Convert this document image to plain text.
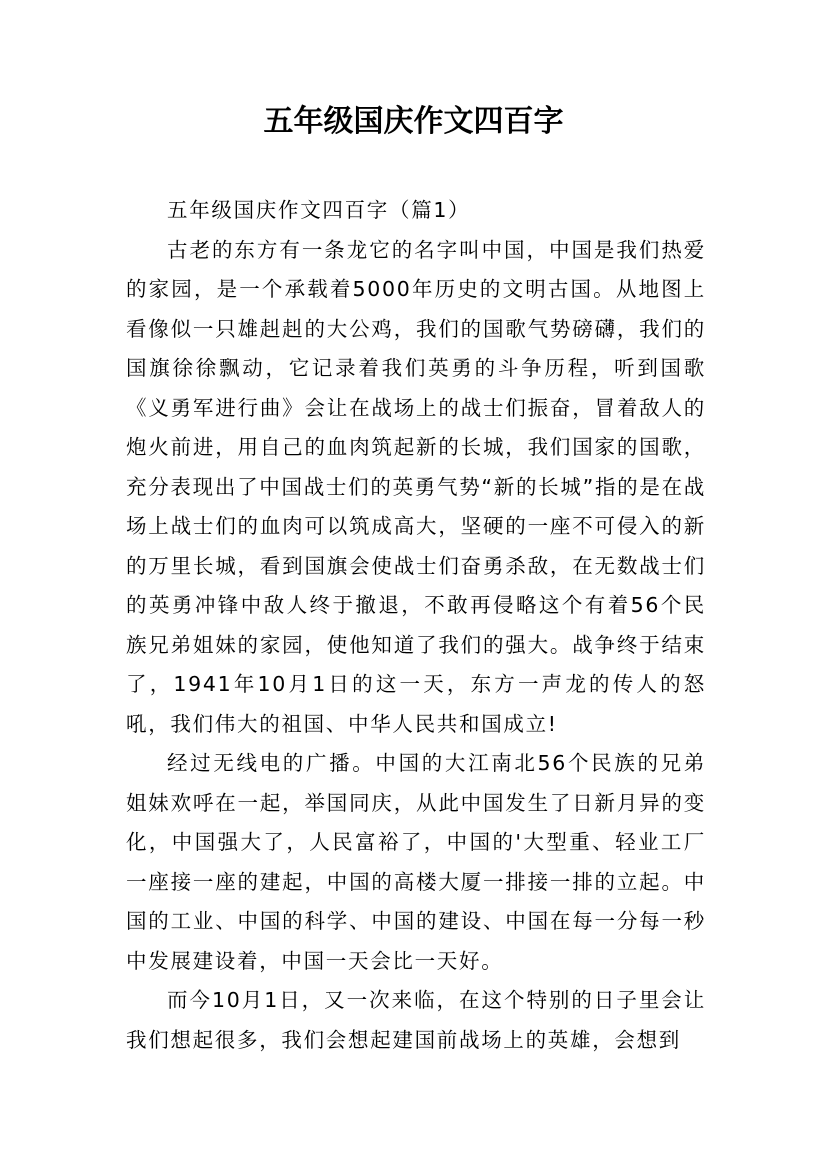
五年级国庆作文四百字

五年级国庆作文四百字（篇1）

古老的东方有一条龙它的名字叫中国，中国是我们热爱的家园，是一个承载着5000年历史的文明古国。从地图上看像似一只雄赳赳的大公鸡，我们的国歌气势磅礴，我们的国旗徐徐飘动，它记录着我们英勇的斗争历程，听到国歌《义勇军进行曲》会让在战场上的战士们振奋，冒着敌人的炮火前进，用自己的血肉筑起新的长城，我们国家的国歌，充分表现出了中国战士们的英勇气势“新的长城”指的是在战场上战士们的血肉可以筑成高大，坚硬的一座不可侵入的新的万里长城，看到国旗会使战士们奋勇杀敌，在无数战士们的英勇冲锋中敌人终于撤退，不敢再侵略这个有着56个民族兄弟姐妹的家园，使他知道了我们的强大。战争终于结束了，1941年10月1日的这一天，东方一声龙的传人的怒吼，我们伟大的祖国、中华人民共和国成立!

经过无线电的广播。中国的大江南北56个民族的兄弟姐妹欢呼在一起，举国同庆，从此中国发生了日新月异的变化，中国强大了，人民富裕了，中国的'大型重、轻业工厂一座接一座的建起，中国的高楼大厦一排接一排的立起。中国的工业、中国的科学、中国的建设、中国在每一分每一秒中发展建设着，中国一天会比一天好。

而今10月1日，又一次来临，在这个特别的日子里会让我们想起很多，我们会想起建国前战场上的英雄，会想到
